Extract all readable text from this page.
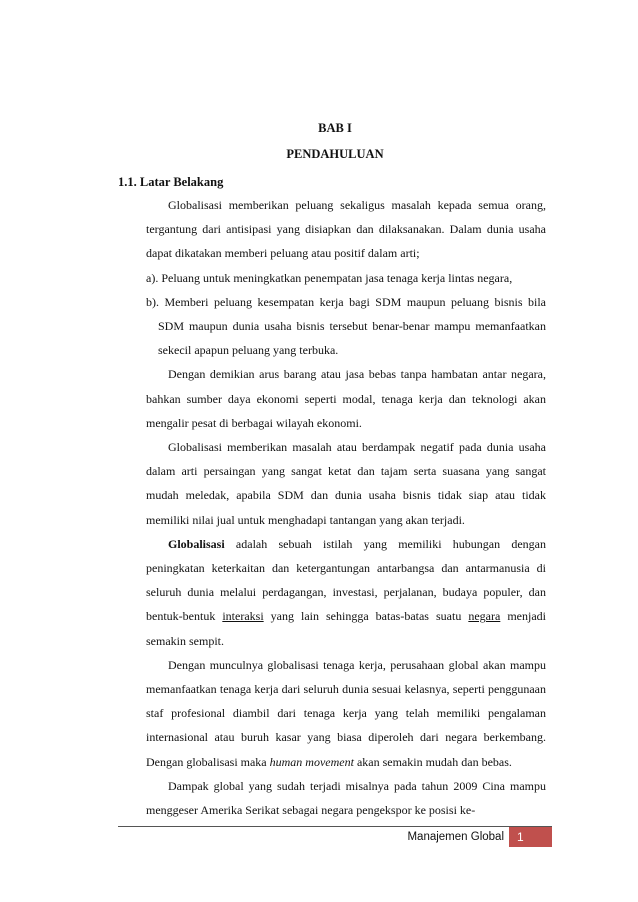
BAB I
PENDAHULUAN
1.1. Latar Belakang

Globalisasi memberikan peluang sekaligus masalah kepada semua orang, tergantung dari antisipasi yang disiapkan dan dilaksanakan. Dalam dunia usaha dapat dikatakan memberi peluang atau positif dalam arti;

a). Peluang untuk meningkatkan penempatan jasa tenaga kerja lintas negara,

b). Memberi peluang kesempatan kerja bagi SDM maupun peluang bisnis bila SDM maupun dunia usaha bisnis tersebut benar-benar mampu memanfaatkan sekecil apapun peluang yang terbuka.

Dengan demikian arus barang atau jasa bebas tanpa hambatan antar negara, bahkan sumber daya ekonomi seperti modal, tenaga kerja dan teknologi akan mengalir pesat di berbagai wilayah ekonomi.

Globalisasi memberikan masalah atau berdampak negatif pada dunia usaha dalam arti persaingan yang sangat ketat dan tajam serta suasana yang sangat mudah meledak, apabila SDM dan dunia usaha bisnis tidak siap atau tidak memiliki nilai jual untuk menghadapi tantangan yang akan terjadi.

Globalisasi adalah sebuah istilah yang memiliki hubungan dengan peningkatan keterkaitan dan ketergantungan antarbangsa dan antarmanusia di seluruh dunia melalui perdagangan, investasi, perjalanan, budaya populer, dan bentuk-bentuk interaksi yang lain sehingga batas-batas suatu negara menjadi semakin sempit.

Dengan munculnya globalisasi tenaga kerja, perusahaan global akan mampu memanfaatkan tenaga kerja dari seluruh dunia sesuai kelasnya, seperti penggunaan staf profesional diambil dari tenaga kerja yang telah memiliki pengalaman internasional atau buruh kasar yang biasa diperoleh dari negara berkembang. Dengan globalisasi maka human movement akan semakin mudah dan bebas.

Dampak global yang sudah terjadi misalnya pada tahun 2009 Cina mampu menggeser Amerika Serikat sebagai negara pengekspor ke posisi ke-

Manajemen Global	1
